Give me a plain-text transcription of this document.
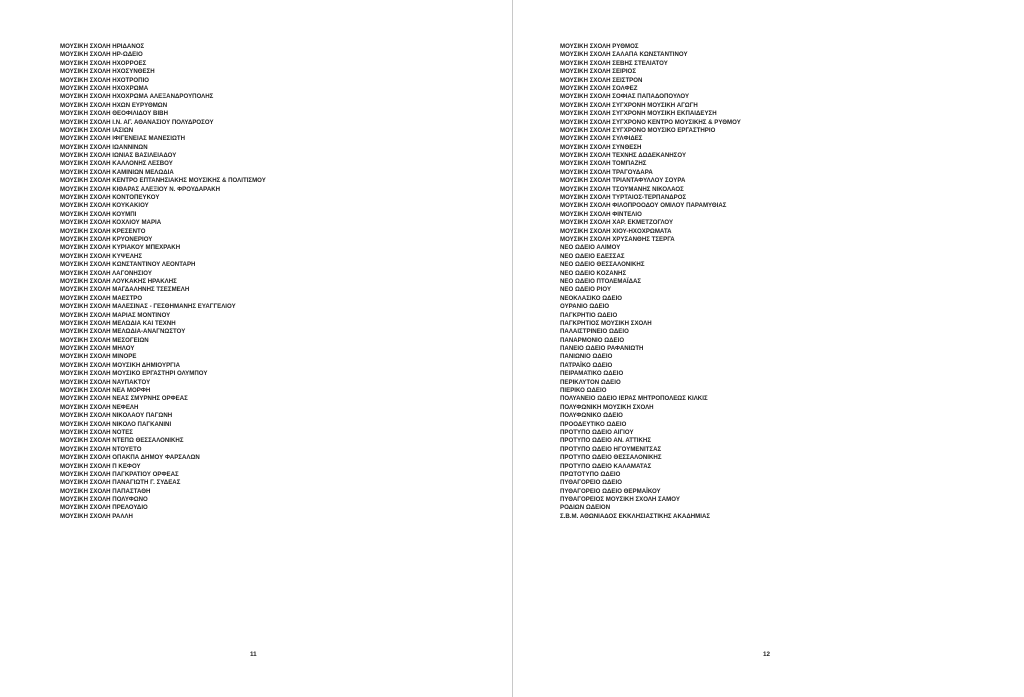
ΜΟΥΣΙΚΗ ΣΧΟΛΗ ΗΡΙΔΑΝΟΣ
ΜΟΥΣΙΚΗ ΣΧΟΛΗ ΗΡ-ΩΔΕΙΟ
ΜΟΥΣΙΚΗ ΣΧΟΛΗ ΗΧΟΡΡΟΕΣ
ΜΟΥΣΙΚΗ ΣΧΟΛΗ ΗΧΟΣΥΝΘΕΣΗ
ΜΟΥΣΙΚΗ ΣΧΟΛΗ ΗΧΟΤΡΟΠΙΟ
ΜΟΥΣΙΚΗ ΣΧΟΛΗ ΗΧΟΧΡΩΜΑ
ΜΟΥΣΙΚΗ ΣΧΟΛΗ ΗΧΟΧΡΩΜΑ ΑΛΕΞΑΝΔΡΟΥΠΟΛΗΣ
ΜΟΥΣΙΚΗ ΣΧΟΛΗ ΗΧΩΝ ΕΥΡΥΘΜΩΝ
ΜΟΥΣΙΚΗ ΣΧΟΛΗ ΘΕΟΦΙΛΙΔΟΥ ΒΙΒΗ
ΜΟΥΣΙΚΗ ΣΧΟΛΗ Ι.Ν. ΑΓ. ΑΘΑΝΑΣΙΟΥ ΠΟΛΥΔΡΟΣΟΥ
ΜΟΥΣΙΚΗ ΣΧΟΛΗ ΙΑΣΙΩΝ
ΜΟΥΣΙΚΗ ΣΧΟΛΗ ΙΦΙΓΕΝΕΙΑΣ ΜΑΝΕΣΙΩΤΗ
ΜΟΥΣΙΚΗ ΣΧΟΛΗ ΙΩΑΝΝΙΝΩΝ
ΜΟΥΣΙΚΗ ΣΧΟΛΗ ΙΩΝΙΑΣ ΒΑΣΙΛΕΙΑΔΟΥ
ΜΟΥΣΙΚΗ ΣΧΟΛΗ ΚΑΛΛΟΝΗΣ ΛΕΣΒΟΥ
ΜΟΥΣΙΚΗ ΣΧΟΛΗ ΚΑΜΙΝΙΩΝ ΜΕΛΩΔΙΑ
ΜΟΥΣΙΚΗ ΣΧΟΛΗ ΚΕΝΤΡΟ ΕΠΤΑΝΗΣΙΑΚΗΣ ΜΟΥΣΙΚΗΣ & ΠΟΛΙΤΙΣΜΟΥ
ΜΟΥΣΙΚΗ ΣΧΟΛΗ ΚΙΘΑΡΑΣ ΑΛΕΞΙΟΥ Ν. ΦΡΟΥΔΑΡΑΚΗ
ΜΟΥΣΙΚΗ ΣΧΟΛΗ ΚΟΝΤΟΠΕΥΚΟΥ
ΜΟΥΣΙΚΗ ΣΧΟΛΗ ΚΟΥΚΑΚΙΟΥ
ΜΟΥΣΙΚΗ ΣΧΟΛΗ ΚΟΥΜΠΙ
ΜΟΥΣΙΚΗ ΣΧΟΛΗ ΚΟΧΛΙΟΥ ΜΑΡΙΑ
ΜΟΥΣΙΚΗ ΣΧΟΛΗ ΚΡΕΣΕΝΤΟ
ΜΟΥΣΙΚΗ ΣΧΟΛΗ ΚΡΥΟΝΕΡΙΟΥ
ΜΟΥΣΙΚΗ ΣΧΟΛΗ ΚΥΡΙΑΚΟΥ ΜΠΕΧΡΑΚΗ
ΜΟΥΣΙΚΗ ΣΧΟΛΗ ΚΥΨΕΛΗΣ
ΜΟΥΣΙΚΗ ΣΧΟΛΗ ΚΩΝΣΤΑΝΤΙΝΟΥ ΛΕΟΝΤΑΡΗ
ΜΟΥΣΙΚΗ ΣΧΟΛΗ ΛΑΓΟΝΗΣΙΟΥ
ΜΟΥΣΙΚΗ ΣΧΟΛΗ ΛΟΥΚΑΚΗΣ ΗΡΑΚΛΗΣ
ΜΟΥΣΙΚΗ ΣΧΟΛΗ ΜΑΓΔΑΛΗΝΗΣ ΤΣΕΣΜΕΛΗ
ΜΟΥΣΙΚΗ ΣΧΟΛΗ ΜΑΕΣΤΡΟ
ΜΟΥΣΙΚΗ ΣΧΟΛΗ ΜΑΛΕΣΙΝΑΣ - ΓΕΣΘΗΜΑΝΗΣ ΕΥΑΓΓΕΛΙΟΥ
ΜΟΥΣΙΚΗ ΣΧΟΛΗ ΜΑΡΙΑΣ ΜΟΝΤΙΝΟΥ
ΜΟΥΣΙΚΗ ΣΧΟΛΗ ΜΕΛΩΔΙΑ ΚΑΙ ΤΕΧΝΗ
ΜΟΥΣΙΚΗ ΣΧΟΛΗ ΜΕΛΩΔΙΑ-ΑΝΑΓΝΩΣΤΟΥ
ΜΟΥΣΙΚΗ ΣΧΟΛΗ ΜΕΣΟΓΕΙΩΝ
ΜΟΥΣΙΚΗ ΣΧΟΛΗ ΜΗΛΟΥ
ΜΟΥΣΙΚΗ ΣΧΟΛΗ ΜΙΝΟΡΕ
ΜΟΥΣΙΚΗ ΣΧΟΛΗ ΜΟΥΣΙΚΗ ΔΗΜΙΟΥΡΓΙΑ
ΜΟΥΣΙΚΗ ΣΧΟΛΗ ΜΟΥΣΙΚΟ ΕΡΓΑΣΤΗΡΙ ΟΛΥΜΠΟΥ
ΜΟΥΣΙΚΗ ΣΧΟΛΗ ΝΑΥΠΑΚΤΟΥ
ΜΟΥΣΙΚΗ ΣΧΟΛΗ ΝΕΑ ΜΟΡΦΗ
ΜΟΥΣΙΚΗ ΣΧΟΛΗ ΝΕΑΣ ΣΜΥΡΝΗΣ ΟΡΦΕΑΣ
ΜΟΥΣΙΚΗ ΣΧΟΛΗ ΝΕΦΕΛΗ
ΜΟΥΣΙΚΗ ΣΧΟΛΗ ΝΙΚΟΛΑΟΥ ΠΑΓΩΝΗ
ΜΟΥΣΙΚΗ ΣΧΟΛΗ ΝΙΚΟΛΟ ΠΑΓΚΑΝΙΝΙ
ΜΟΥΣΙΚΗ ΣΧΟΛΗ ΝΟΤΕΣ
ΜΟΥΣΙΚΗ ΣΧΟΛΗ ΝΤΕΠΩ ΘΕΣΣΑΛΟΝΙΚΗΣ
ΜΟΥΣΙΚΗ ΣΧΟΛΗ ΝΤΟΥΕΤΟ
ΜΟΥΣΙΚΗ ΣΧΟΛΗ ΟΠΑΚΠΑ ΔΗΜΟΥ ΦΑΡΣΑΛΩΝ
ΜΟΥΣΙΚΗ ΣΧΟΛΗ Π ΚΕΦΟΥ
ΜΟΥΣΙΚΗ ΣΧΟΛΗ ΠΑΓΚΡΑΤΙΟΥ ΟΡΦΕΑΣ
ΜΟΥΣΙΚΗ ΣΧΟΛΗ ΠΑΝΑΓΙΩΤΗ Γ. ΣΥΔΕΑΣ
ΜΟΥΣΙΚΗ ΣΧΟΛΗ ΠΑΠΑΣΤΑΘΗ
ΜΟΥΣΙΚΗ ΣΧΟΛΗ ΠΟΛΥΦΩΝΟ
ΜΟΥΣΙΚΗ ΣΧΟΛΗ ΠΡΕΛΟΥΔΙΟ
ΜΟΥΣΙΚΗ ΣΧΟΛΗ ΡΑΛΛΗ
11
ΜΟΥΣΙΚΗ ΣΧΟΛΗ ΡΥΘΜΟΣ
ΜΟΥΣΙΚΗ ΣΧΟΛΗ ΣΑΛΑΠΑ ΚΩΝΣΤΑΝΤΙΝΟΥ
ΜΟΥΣΙΚΗ ΣΧΟΛΗ ΣΕΒΗΣ ΣΤΕΛΙΑΤΟΥ
ΜΟΥΣΙΚΗ ΣΧΟΛΗ ΣΕΙΡΙΟΣ
ΜΟΥΣΙΚΗ ΣΧΟΛΗ ΣΕΙΣΤΡΟΝ
ΜΟΥΣΙΚΗ ΣΧΟΛΗ ΣΟΛΦΕΖ
ΜΟΥΣΙΚΗ ΣΧΟΛΗ ΣΟΦΙΑΣ ΠΑΠΑΔΟΠΟΥΛΟΥ
ΜΟΥΣΙΚΗ ΣΧΟΛΗ ΣΥΓΧΡΟΝΗ ΜΟΥΣΙΚΗ ΑΓΩΓΗ
ΜΟΥΣΙΚΗ ΣΧΟΛΗ ΣΥΓΧΡΟΝΗ ΜΟΥΣΙΚΗ ΕΚΠΑΙΔΕΥΣΗ
ΜΟΥΣΙΚΗ ΣΧΟΛΗ ΣΥΓΧΡΟΝΟ ΚΕΝΤΡΟ ΜΟΥΣΙΚΗΣ & ΡΥΘΜΟΥ
ΜΟΥΣΙΚΗ ΣΧΟΛΗ ΣΥΓΧΡΟΝΟ ΜΟΥΣΙΚΟ ΕΡΓΑΣΤΗΡΙΟ
ΜΟΥΣΙΚΗ ΣΧΟΛΗ ΣΥΛΦΙΔΕΣ
ΜΟΥΣΙΚΗ ΣΧΟΛΗ ΣΥΝΘΕΣΗ
ΜΟΥΣΙΚΗ ΣΧΟΛΗ ΤΕΧΝΗΣ ΔΩΔΕΚΑΝΗΣΟΥ
ΜΟΥΣΙΚΗ ΣΧΟΛΗ ΤΟΜΠΑΖΗΣ
ΜΟΥΣΙΚΗ ΣΧΟΛΗ ΤΡΑΓΟΥΔΑΡΑ
ΜΟΥΣΙΚΗ ΣΧΟΛΗ ΤΡΙΑΝΤΑΦΥΛΛΟΥ ΣΟΥΡΑ
ΜΟΥΣΙΚΗ ΣΧΟΛΗ ΤΣΟΥΜΑΝΗΣ ΝΙΚΟΛΑΟΣ
ΜΟΥΣΙΚΗ ΣΧΟΛΗ ΤΥΡΤΑΙΟΣ-ΤΕΡΠΑΝΔΡΟΣ
ΜΟΥΣΙΚΗ ΣΧΟΛΗ ΦΙΛΟΠΡΟΟΔΟΥ ΟΜΙΛΟΥ ΠΑΡΑΜΥΘΙΑΣ
ΜΟΥΣΙΚΗ ΣΧΟΛΗ ΦΙΝΤΕΛΙΟ
ΜΟΥΣΙΚΗ ΣΧΟΛΗ ΧΑΡ. ΕΚΜΕΤΖΟΓΛΟΥ
ΜΟΥΣΙΚΗ ΣΧΟΛΗ ΧΙΟΥ-ΗΧΟΧΡΩΜΑΤΑ
ΜΟΥΣΙΚΗ ΣΧΟΛΗ ΧΡΥΣΑΝΘΗΣ ΤΣΕΡΓΑ
ΝΕΟ ΩΔΕΙΟ ΑΛΙΜΟΥ
ΝΕΟ ΩΔΕΙΟ ΕΔΕΣΣΑΣ
ΝΕΟ ΩΔΕΙΟ ΘΕΣΣΑΛΟΝΙΚΗΣ
ΝΕΟ ΩΔΕΙΟ ΚΟΖΑΝΗΣ
ΝΕΟ ΩΔΕΙΟ ΠΤΟΛΕΜΑΪΔΑΣ
ΝΕΟ ΩΔΕΙΟ ΡΙΟΥ
ΝΕΟΚΛΑΣΙΚΟ ΩΔΕΙΟ
ΟΥΡΑΝΙΟ ΩΔΕΙΟ
ΠΑΓΚΡΗΤΙΟ ΩΔΕΙΟ
ΠΑΓΚΡΗΤΙΟΣ ΜΟΥΣΙΚΗ ΣΧΟΛΗ
ΠΑΛΑΙΣΤΡΙΝΕΙΟ ΩΔΕΙΟ
ΠΑΝΑΡΜΟΝΙΟ ΩΔΕΙΟ
ΠΑΝΕΙΟ ΩΔΕΙΟ ΡΑΦΑΝΙΩΤΗ
ΠΑΝΙΩΝΙΟ ΩΔΕΙΟ
ΠΑΤΡΑΪΚΟ ΩΔΕΙΟ
ΠΕΙΡΑΜΑΤΙΚΟ ΩΔΕΙΟ
ΠΕΡΙΚΛΥΤΟΝ ΩΔΕΙΟ
ΠΙΕΡΙΚΟ ΩΔΕΙΟ
ΠΟΛΥΑΝΕΙΟ ΩΔΕΙΟ ΙΕΡΑΣ ΜΗΤΡΟΠΟΛΕΩΣ ΚΙΛΚΙΣ
ΠΟΛΥΦΩΝΙΚΗ ΜΟΥΣΙΚΗ ΣΧΟΛΗ
ΠΟΛΥΦΩΝΙΚΟ ΩΔΕΙΟ
ΠΡΟΟΔΕΥΤΙΚΟ ΩΔΕΙΟ
ΠΡΟΤΥΠΟ ΩΔΕΙΟ ΑΙΓΙΟΥ
ΠΡΟΤΥΠΟ ΩΔΕΙΟ ΑΝ. ΑΤΤΙΚΗΣ
ΠΡΟΤΥΠΟ ΩΔΕΙΟ ΗΓΟΥΜΕΝΙΤΣΑΣ
ΠΡΟΤΥΠΟ ΩΔΕΙΟ ΘΕΣΣΑΛΟΝΙΚΗΣ
ΠΡΟΤΥΠΟ ΩΔΕΙΟ ΚΑΛΑΜΑΤΑΣ
ΠΡΩΤΟΤΥΠΟ ΩΔΕΙΟ
ΠΥΘΑΓΟΡΕΙΟ ΩΔΕΙΟ
ΠΥΘΑΓΟΡΕΙΟ ΩΔΕΙΟ ΘΕΡΜΑΪΚΟΥ
ΠΥΘΑΓΟΡΕΙΟΣ ΜΟΥΣΙΚΗ ΣΧΟΛΗ ΣΑΜΟΥ
ΡΟΔΙΩΝ ΩΔΕΙΟΝ
Σ.Β.Μ. ΑΘΩΝΙΑΔΟΣ ΕΚΚΛΗΣΙΑΣΤΙΚΗΣ ΑΚΑΔΗΜΙΑΣ
12
